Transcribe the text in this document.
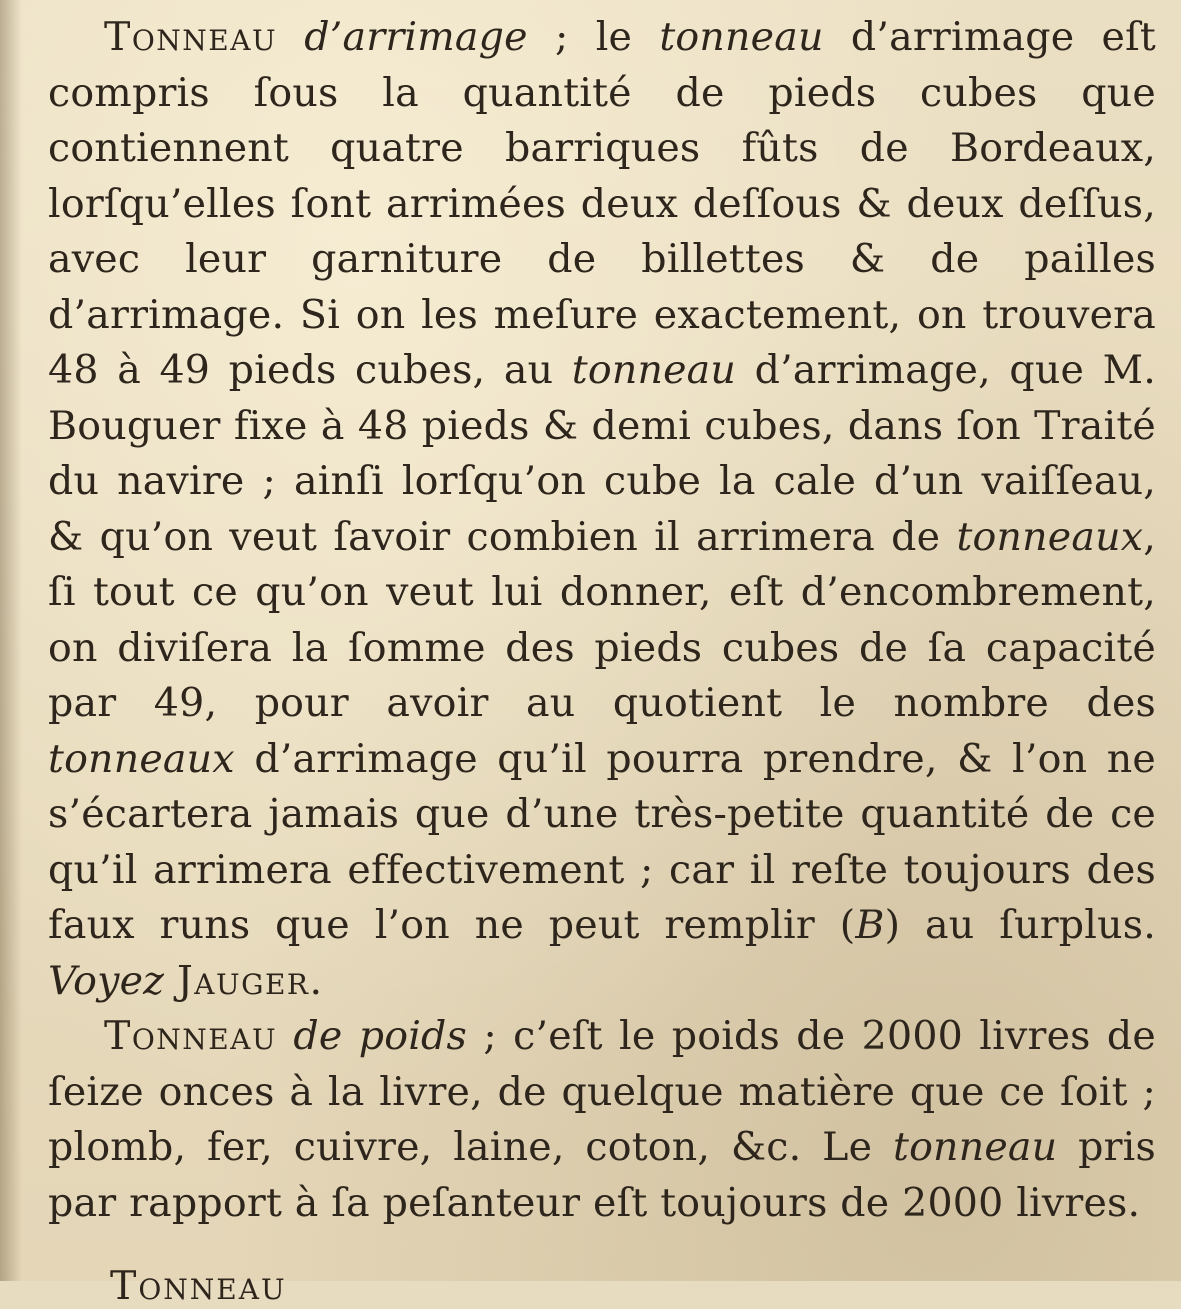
Tonneau d’arrimage ; le tonneau d’arrimage eſt compris ſous la quantité de pieds cubes que contiennent quatre barriques fûts de Bordeaux, lorſqu’elles ſont arrimées deux deſſous & deux deſſus, avec leur garniture de billettes & de pailles d’arrimage. Si on les meſure exactement, on trouvera 48 à 49 pieds cubes, au tonneau d’arrimage, que M. Bouguer fixe à 48 pieds & demi cubes, dans ſon Traité du navire ; ainſi lorſqu’on cube la cale d’un vaiſſeau, & qu’on veut ſavoir combien il arrimera de tonneaux, ſi tout ce qu’on veut lui donner, eſt d’encombrement, on diviſera la ſomme des pieds cubes de ſa capacité par 49, pour avoir au quotient le nombre des tonneaux d’arrimage qu’il pourra prendre, & l’on ne s’écartera jamais que d’une très-petite quantité de ce qu’il arrimera effectivement ; car il reſte toujours des faux runs que l’on ne peut remplir (B) au ſurplus. Voyez Jauger.

Tonneau de poids ; c’eſt le poids de 2000 livres de ſeize onces à la livre, de quelque matière que ce ſoit ; plomb, fer, cuivre, laine, coton, &c. Le tonneau pris par rapport à ſa peſanteur eſt toujours de 2000 livres.

Tonneau
